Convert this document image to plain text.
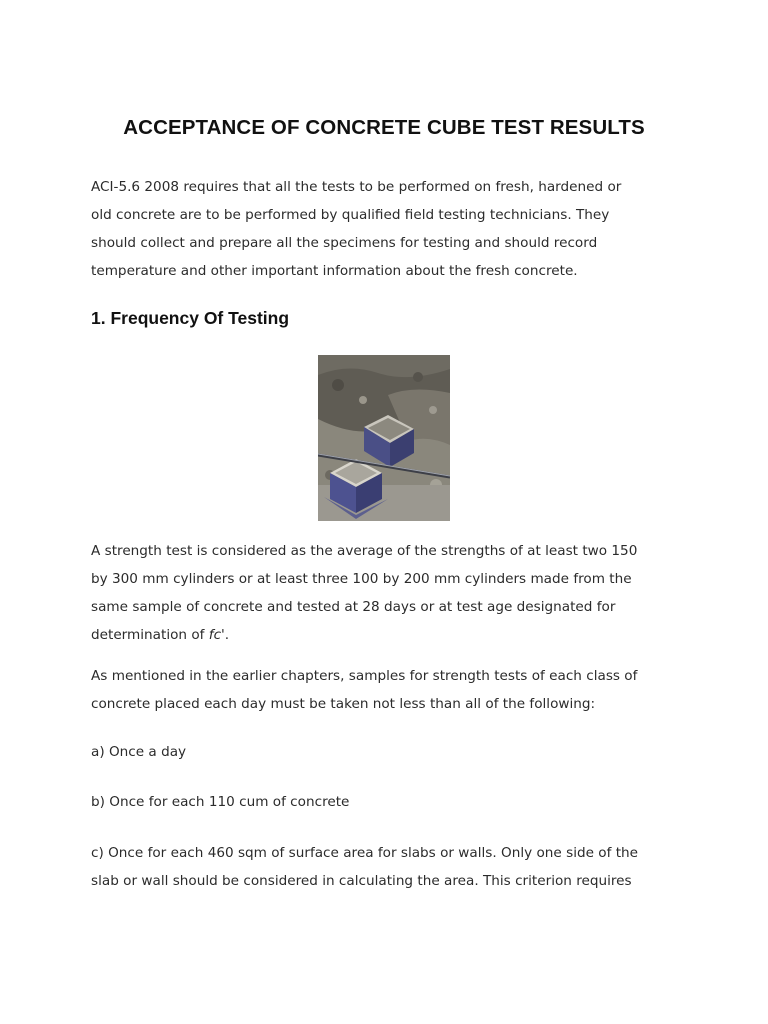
ACCEPTANCE OF CONCRETE CUBE TEST RESULTS
ACI-5.6 2008 requires that all the tests to be performed on fresh, hardened or
old concrete are to be performed by qualified field testing technicians. They
should collect and prepare all the specimens for testing and should record
temperature and other important information about the fresh concrete.
1. Frequency Of Testing
A strength test is considered as the average of the strengths of at least two 150
by 300 mm cylinders or at least three 100 by 200 mm cylinders made from the
same sample of concrete and tested at 28 days or at test age designated for
determination of fc'.
As mentioned in the earlier chapters, samples for strength tests of each class of
concrete placed each day must be taken not less than all of the following:
a) Once a day
b) Once for each 110 cum of concrete
c) Once for each 460 sqm of surface area for slabs or walls. Only one side of the
slab or wall should be considered in calculating the area. This criterion requires
